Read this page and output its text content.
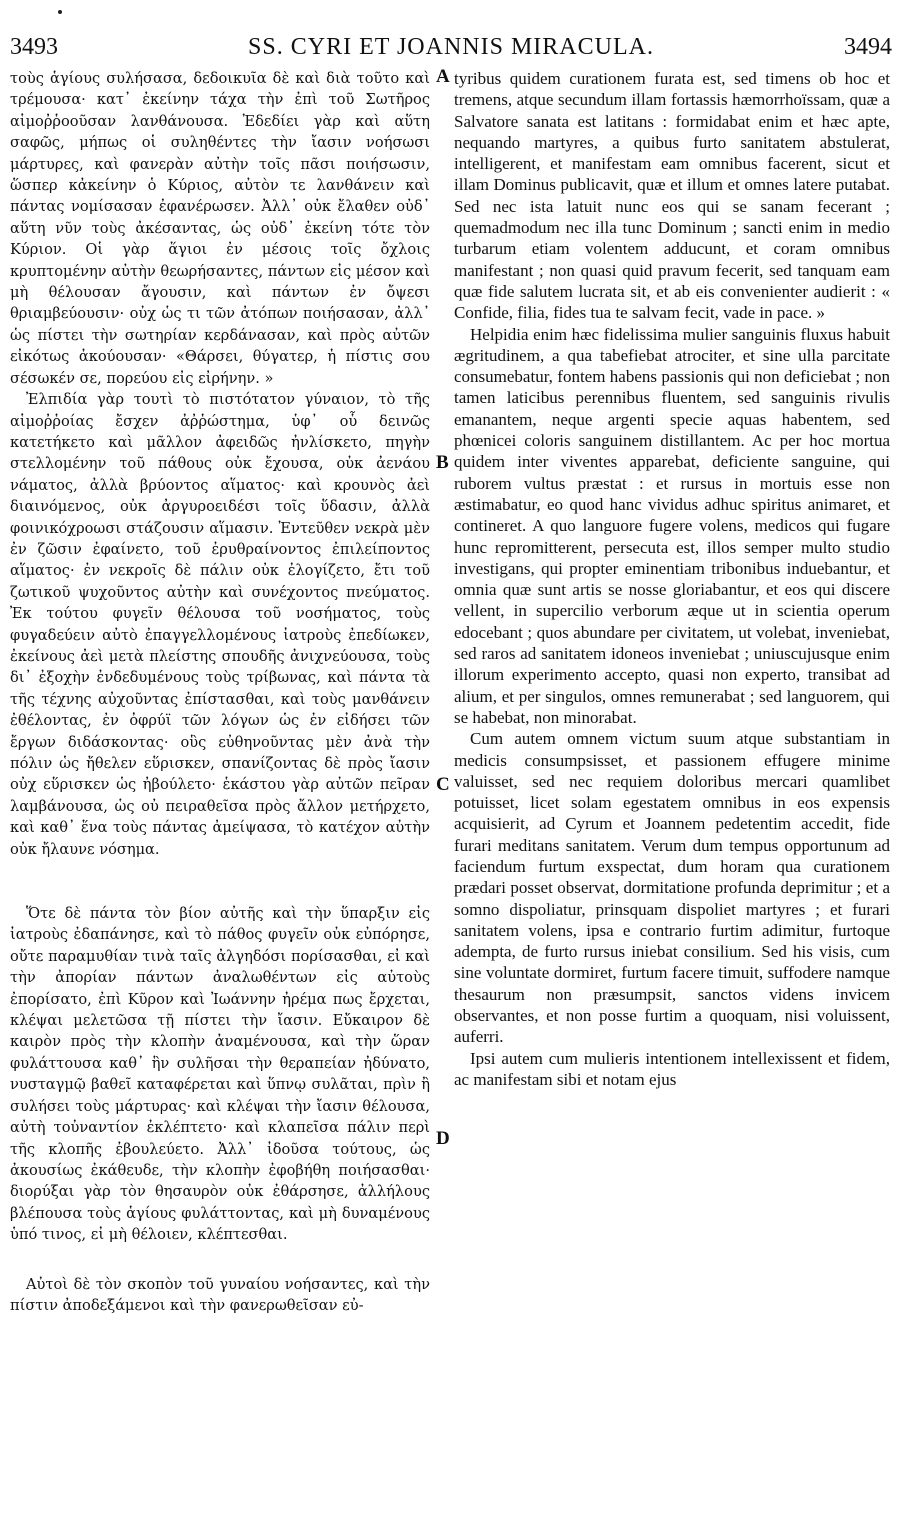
3493	SS. CYRI ET JOANNIS MIRACULA.	3494

τοὺς ἁγίους συλήσασα, δεδοικυῖα δὲ καὶ διὰ τοῦτο καὶ τρέμουσα· κατ᾽ ἐκείνην τάχα τὴν ἐπὶ τοῦ Σωτῆρος αἱμοῤῥοοῦσαν λανθάνουσα. Ἐδεδίει γὰρ καὶ αὕτη σαφῶς, μήπως οἱ συληθέντες τὴν ἴασιν νοήσωσι μάρτυρες, καὶ φανερὰν αὐτὴν τοῖς πᾶσι ποιήσωσιν, ὥσπερ κἀκείνην ὁ Κύριος, αὐτὸν τε λανθάνειν καὶ πάντας νομίσασαν ἐφανέρωσεν. Ἀλλ᾽ οὐκ ἔλαθεν οὐδ᾽ αὕτη νῦν τοὺς ἀκέσαντας, ὡς οὐδ᾽ ἐκείνη τότε τὸν Κύριον. Οἱ γὰρ ἅγιοι ἐν μέσοις τοῖς ὄχλοις κρυπτομένην αὐτὴν θεωρήσαντες, πάντων εἰς μέσον καὶ μὴ θέλουσαν ἄγουσιν, καὶ πάντων ἐν ὄψεσι θριαμβεύουσιν· οὐχ ὡς τι τῶν ἀτόπων ποιήσασαν, ἀλλ᾽ ὡς πίστει τὴν σωτηρίαν κερδάνασαν, καὶ πρὸς αὐτῶν εἰκότως ἀκούουσαν· «Θάρσει, θύγατερ, ἡ πίστις σου σέσωκέν σε, πορεύου εἰς εἰρήνην. »

Ἐλπιδία γὰρ τουτὶ τὸ πιστότατον γύναιον, τὸ τῆς αἱμοῤῥοίας ἔσχεν ἀῤῥώστημα, ὑφ᾽ οὗ δεινῶς κατετήκετο καὶ μᾶλλον ἀφειδῶς ἠνλίσκετο, πηγὴν στελλομένην τοῦ πάθους οὐκ ἔχουσα, οὐκ ἀενάου νάματος, ἀλλὰ βρύοντος αἵματος· καὶ κρουνὸς ἀεὶ διαινόμενος, οὐκ ἀργυροειδέσι τοῖς ὕδασιν, ἀλλὰ φοινικόχροωσι στάζουσιν αἵμασιν. Ἐντεῦθεν νεκρὰ μὲν ἐν ζῶσιν ἐφαίνετο, τοῦ ἐρυθραίνοντος ἐπιλείποντος αἵματος· ἐν νεκροῖς δὲ πάλιν οὐκ ἐλογίζετο, ἔτι τοῦ ζωτικοῦ ψυχοῦντος αὐτὴν καὶ συνέχοντος πνεύματος. Ἐκ τούτου φυγεῖν θέλουσα τοῦ νοσήματος, τοὺς φυγαδεύειν αὐτὸ ἐπαγγελλομένους ἰατροὺς ἐπεδίωκεν, ἐκείνους ἀεὶ μετὰ πλείστης σπουδῆς ἀνιχνεύουσα, τοὺς δι᾽ ἐξοχὴν ἐνδεδυμένους τοὺς τρίβωνας, καὶ πάντα τὰ τῆς τέχνης αὐχοῦντας ἐπίστασθαι, καὶ τοὺς μανθάνειν ἐθέλοντας, ἐν ὀφρύϊ τῶν λόγων ὡς ἐν εἰδήσει τῶν ἔργων διδάσκοντας· οὓς εὐθηνοῦντας μὲν ἀνὰ τὴν πόλιν ὡς ἤθελεν εὕρισκεν, σπανίζοντας δὲ πρὸς ἴασιν οὐχ εὕρισκεν ὡς ἠβούλετο· ἑκάστου γὰρ αὐτῶν πεῖραν λαμβάνουσα, ὡς οὐ πειραθεῖσα πρὸς ἄλλον μετήρχετο, καὶ καθ᾽ ἕνα τοὺς πάντας ἀμείψασα, τὸ κατέχον αὐτὴν οὐκ ἤλαυνε νόσημα.

Ὅτε δὲ πάντα τὸν βίον αὐτῆς καὶ τὴν ὕπαρξιν εἰς ἰατροὺς ἐδαπάνησε, καὶ τὸ πάθος φυγεῖν οὐκ εὐπόρησε, οὔτε παραμυθίαν τινὰ ταῖς ἀλγηδόσι πορίσασθαι, εἰ καὶ τὴν ἀπορίαν πάντων ἀναλωθέντων εἰς αὐτοὺς ἐπορίσατο, ἐπὶ Κῦρον καὶ Ἰωάννην ἠρέμα πως ἔρχεται, κλέψαι μελετῶσα τῇ πίστει τὴν ἴασιν. Εὔκαιρον δὲ καιρὸν πρὸς τὴν κλοπὴν ἀναμένουσα, καὶ τὴν ὥραν φυλάττουσα καθ᾽ ἣν συλῆσαι τὴν θεραπείαν ἠδύνατο, νυσταγμῷ βαθεῖ καταφέρεται καὶ ὕπνῳ συλᾶται, πρὶν ἢ συλήσει τοὺς μάρτυρας· καὶ κλέψαι τὴν ἴασιν θέλουσα, αὐτὴ τοὐναντίον ἐκλέπτετο· καὶ κλαπεῖσα πάλιν περὶ τῆς κλοπῆς ἐβουλεύετο. Ἀλλ᾽ ἰδοῦσα τούτους, ὡς ἀκουσίως ἐκάθευδε, τὴν κλοπὴν ἐφοβήθη ποιήσασθαι· διορύξαι γὰρ τὸν θησαυρὸν οὐκ ἐθάρσησε, ἀλλήλους βλέπουσα τοὺς ἁγίους φυλάττοντας, καὶ μὴ δυναμένους ὑπό τινος, εἰ μὴ θέλοιεν, κλέπτεσθαι.

Αὐτοὶ δὲ τὸν σκοπὸν τοῦ γυναίου νοήσαντες, καὶ τὴν πίστιν ἀποδεξάμενοι καὶ τὴν φανερωθεῖσαν εὐ-

A
B
C
D

tyribus quidem curationem furata est, sed timens ob hoc et tremens, atque secundum illam fortassis hæmorrhoïssam, quæ a Salvatore sanata est latitans : formidabat enim et hæc apte, nequando martyres, a quibus furto sanitatem abstulerat, intelligerent, et manifestam eam omnibus facerent, sicut et illam Dominus publicavit, quæ et illum et omnes latere putabat. Sed nec ista latuit nunc eos qui se sanam fecerant ; quemadmodum nec illa tunc Dominum ; sancti enim in medio turbarum etiam volentem adducunt, et coram omnibus manifestant ; non quasi quid pravum fecerit, sed tanquam eam quæ fide salutem lucrata sit, et ab eis convenienter audierit : « Confide, filia, fides tua te salvam fecit, vade in pace. »

Helpidia enim hæc fidelissima mulier sanguinis fluxus habuit ægritudinem, a qua tabefiebat atrociter, et sine ulla parcitate consumebatur, fontem habens passionis qui non deficiebat ; non tamen laticibus perennibus fluentem, sed sanguinis rivulis emanantem, neque argenti specie aquas habentem, sed phœnicei coloris sanguinem distillantem. Ac per hoc mortua quidem inter viventes apparebat, deficiente sanguine, qui ruborem vultus præstat : et rursus in mortuis esse non æstimabatur, eo quod hanc vividus adhuc spiritus animaret, et contineret. A quo languore fugere volens, medicos qui fugare hunc repromitterent, persecuta est, illos semper multo studio investigans, qui propter eminentiam tribonibus induebantur, et omnia quæ sunt artis se nosse gloriabantur, et eos qui discere vellent, in supercilio verborum æque ut in scientia operum edocebant ; quos abundare per civitatem, ut volebat, inveniebat, sed raros ad sanitatem idoneos inveniebat ; uniuscujusque enim illorum experimento accepto, quasi non experto, transibat ad alium, et per singulos, omnes remunerabat ; sed languorem, qui se habebat, non minorabat.

Cum autem omnem victum suum atque substantiam in medicis consumpsisset, et passionem effugere minime valuisset, sed nec requiem doloribus mercari quamlibet potuisset, licet solam egestatem omnibus in eos expensis acquisierit, ad Cyrum et Joannem pedetentim accedit, fide furari meditans sanitatem. Verum dum tempus opportunum ad faciendum furtum exspectat, dum horam qua curationem prædari posset observat, dormitatione profunda deprimitur ; et a somno dispoliatur, prinsquam dispoliet martyres ; et furari sanitatem volens, ipsa e contrario furtim adimitur, furtoque adempta, de furto rursus iniebat consilium. Sed his visis, cum sine voluntate dormiret, furtum facere timuit, suffodere namque thesaurum non præsumpsit, sanctos videns invicem observantes, et non posse furtim a quoquam, nisi voluissent, auferri.

Ipsi autem cum mulieris intentionem intellexissent et fidem, ac manifestam sibi et notam ejus
